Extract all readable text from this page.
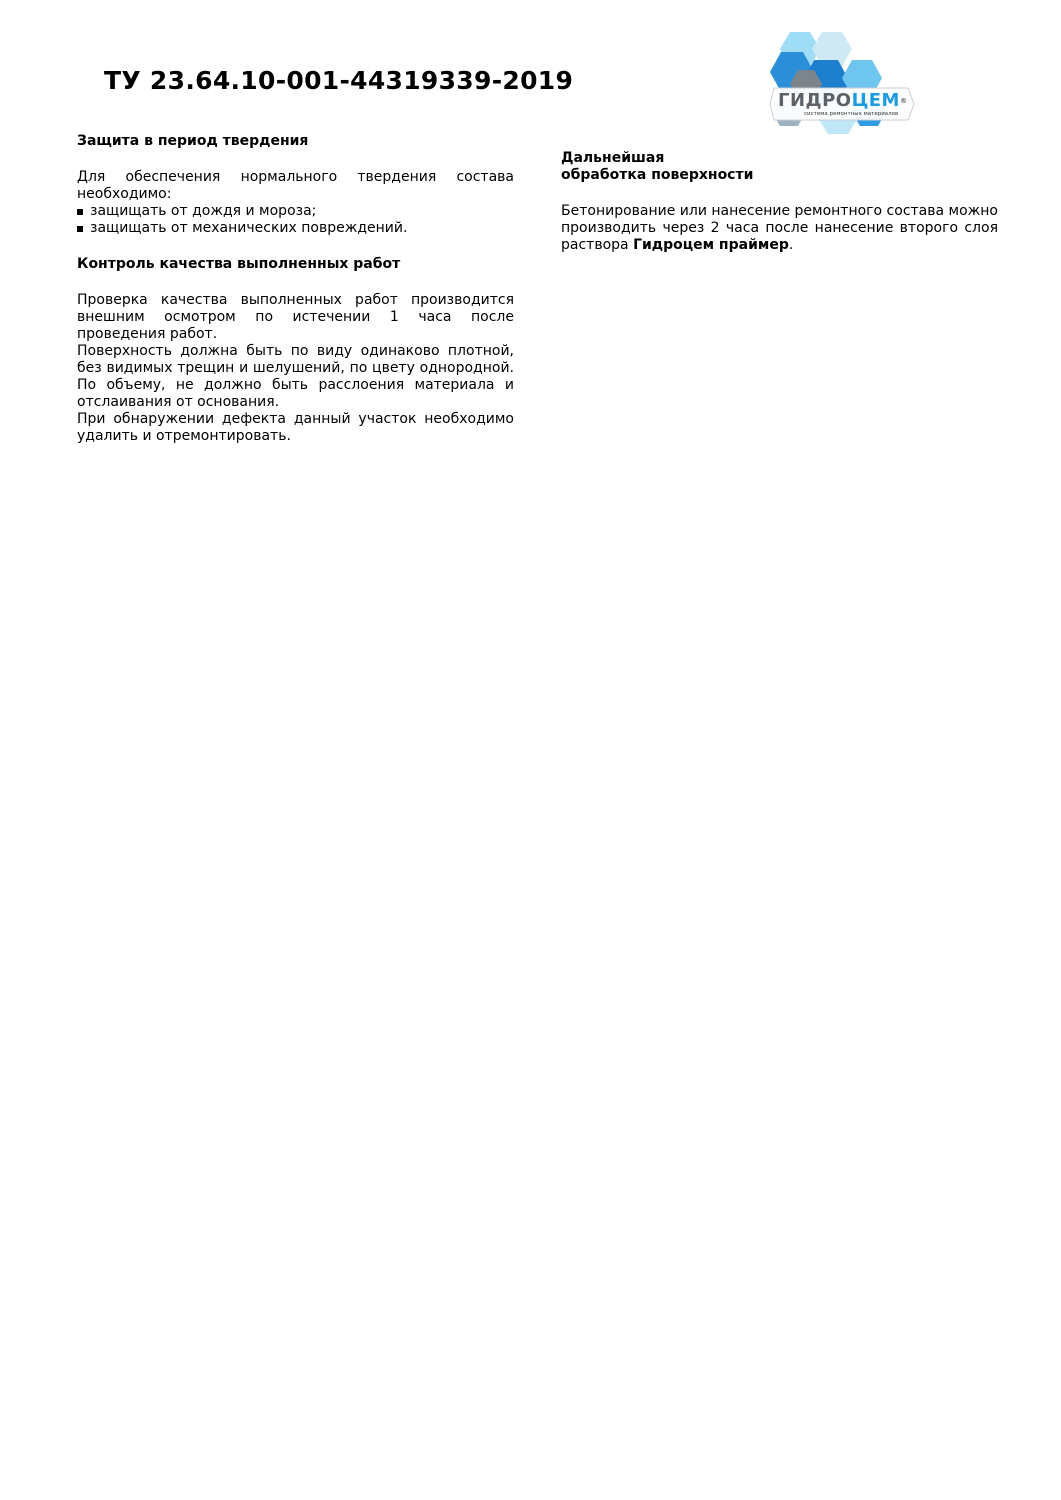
ТУ 23.64.10-001-44319339-2019
ГИДРОЦЕМ®
система ремонтных материалов

Защита в период твердения

Для обеспечения нормального твердения состава

необходимо:

защищать от дождя и мороза;
защищать от механических повреждений.

Контроль качества выполненных работ

Проверка качества выполненных работ производится внешним осмотром по истечении 1 часа после проведения работ.

Поверхность должна быть по виду одинаково плотной, без видимых трещин и шелушений, по цвету однородной. По объему, не должно быть расслоения материала и отслаивания от основания.

При обнаружении дефекта данный участок необходимо удалить и отремонтировать.

Дальнейшая

обработка поверхности

Бетонирование или нанесение ремонтного состава можно производить через 2 часа после нанесение второго слоя раствора Гидроцем праймер.
